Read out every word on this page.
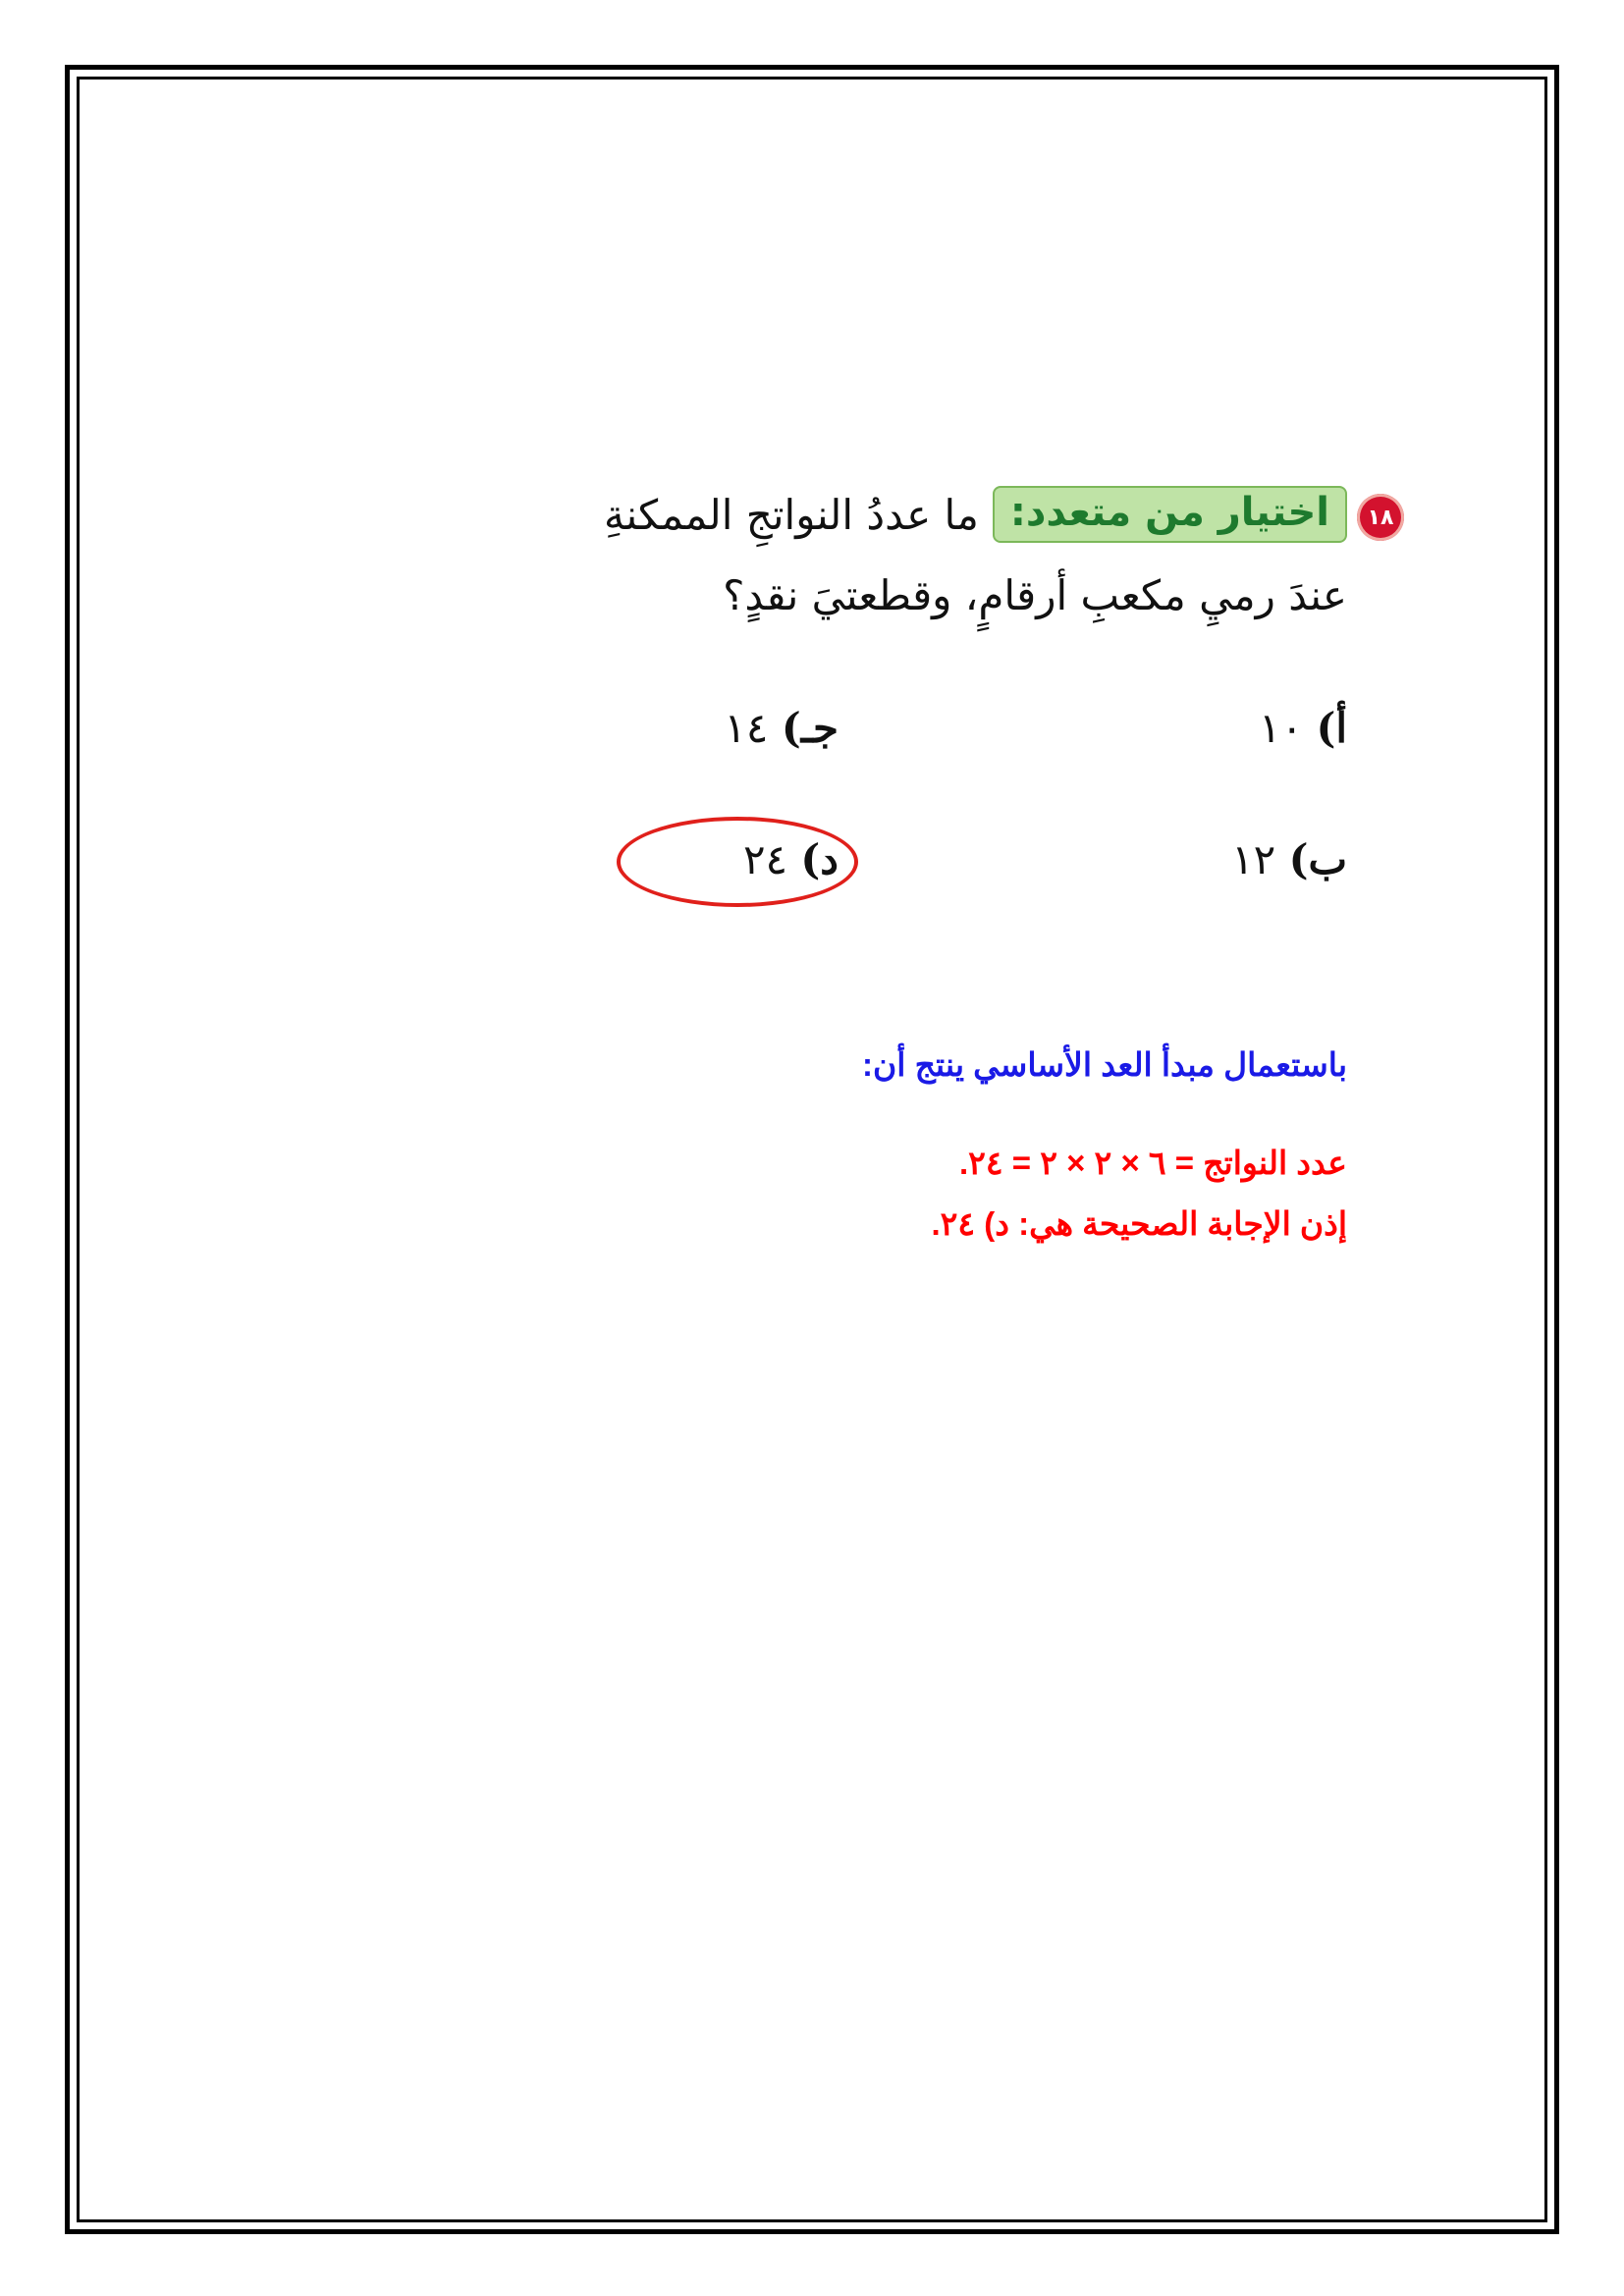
١٨
اختيار من متعدد:
ما عددُ النواتجِ الممكنةِ
عندَ رميِ مكعبِ أرقامٍ، وقطعتيَ نقدٍ؟
أ) ١٠
جـ) ١٤
ب) ١٢
د) ٢٤
باستعمال مبدأ العد الأساسي ينتج أن:
عدد النواتج = ٦ × ٢ × ٢ = ٢٤.
إذن الإجابة الصحيحة هي: د) ٢٤.
